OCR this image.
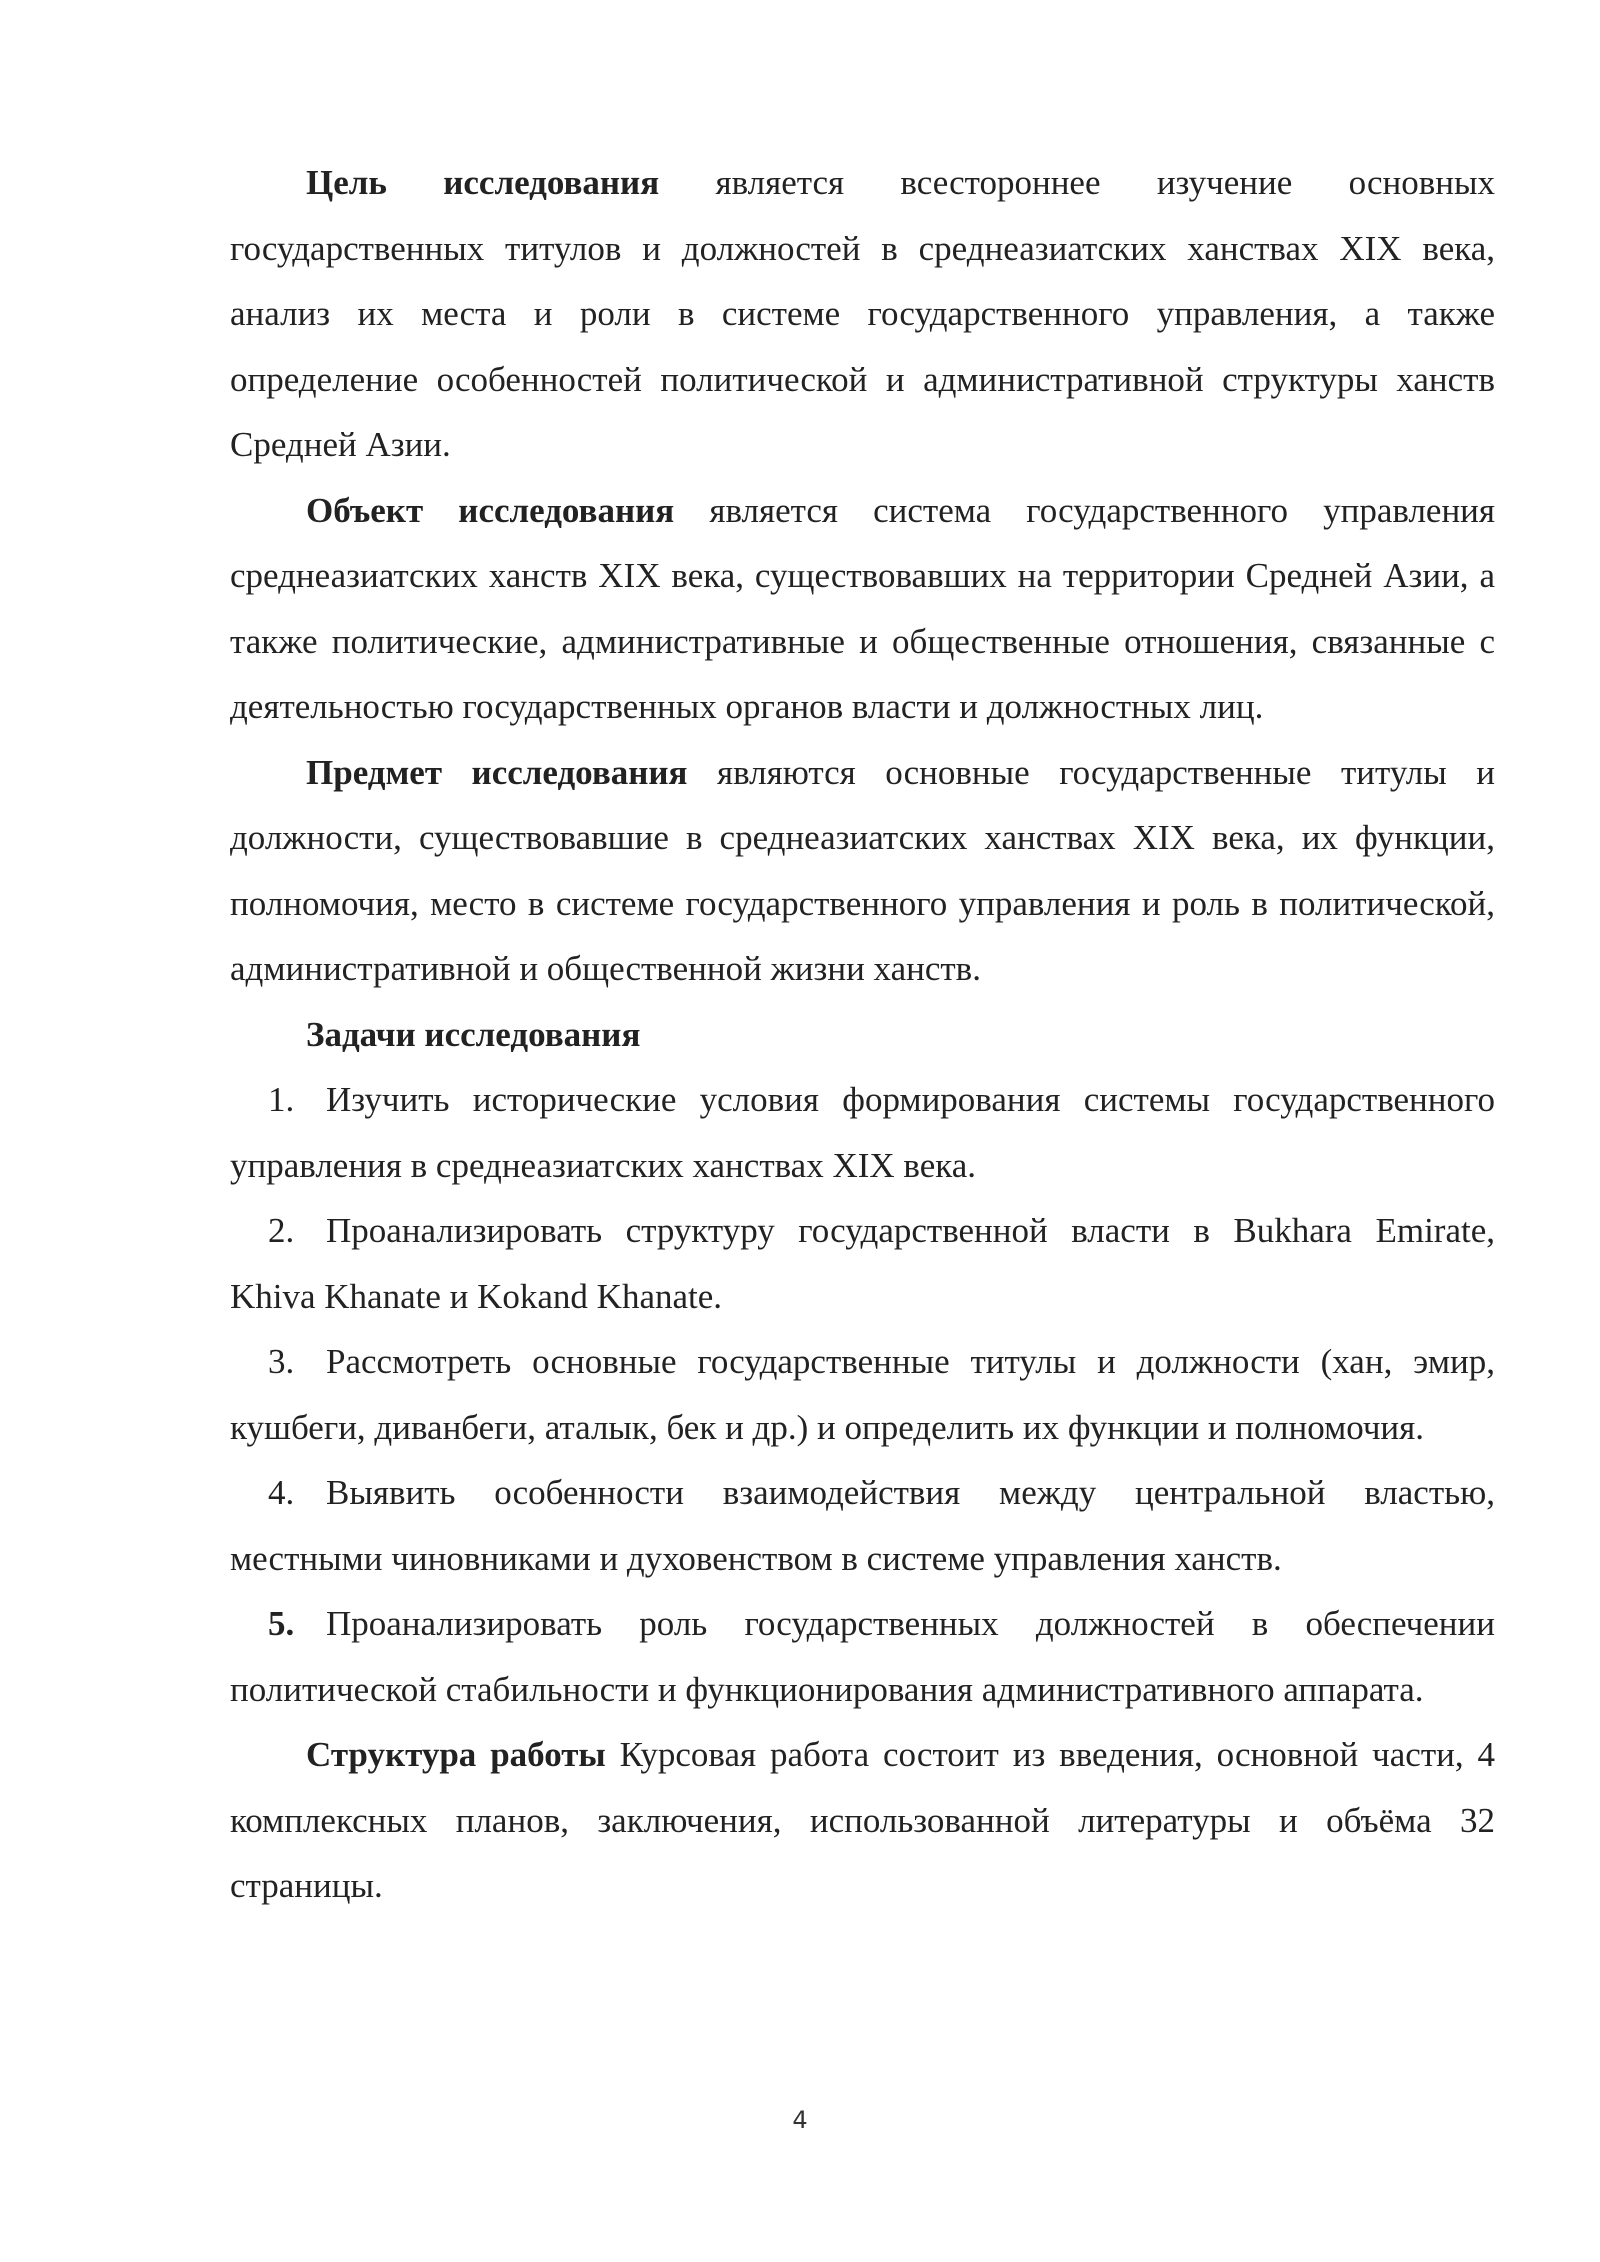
Цель исследования является всестороннее изучение основных государственных титулов и должностей в среднеазиатских ханствах XIX века, анализ их места и роли в системе государственного управления, а также определение особенностей политической и административной структуры ханств Средней Азии.

Объект исследования является система государственного управления среднеазиатских ханств XIX века, существовавших на территории Средней Азии, а также политические, административные и общественные отношения, связанные с деятельностью государственных органов власти и должностных лиц.

Предмет исследования являются основные государственные титулы и должности, существовавшие в среднеазиатских ханствах XIX века, их функции, полномочия, место в системе государственного управления и роль в политической, административной и общественной жизни ханств.

Задачи исследования

1. Изучить исторические условия формирования системы государственного управления в среднеазиатских ханствах XIX века.

2. Проанализировать структуру государственной власти в Bukhara Emirate, Khiva Khanate и Kokand Khanate.

3. Рассмотреть основные государственные титулы и должности (хан, эмир, кушбеги, диванбеги, аталык, бек и др.) и определить их функции и полномочия.

4. Выявить особенности взаимодействия между центральной властью, местными чиновниками и духовенством в системе управления ханств.

5. Проанализировать роль государственных должностей в обеспечении политической стабильности и функционирования административного аппарата.

Структура работы Курсовая работа состоит из введения, основной части, 4 комплексных планов, заключения, использованной литературы и объёма 32 страницы.

4
